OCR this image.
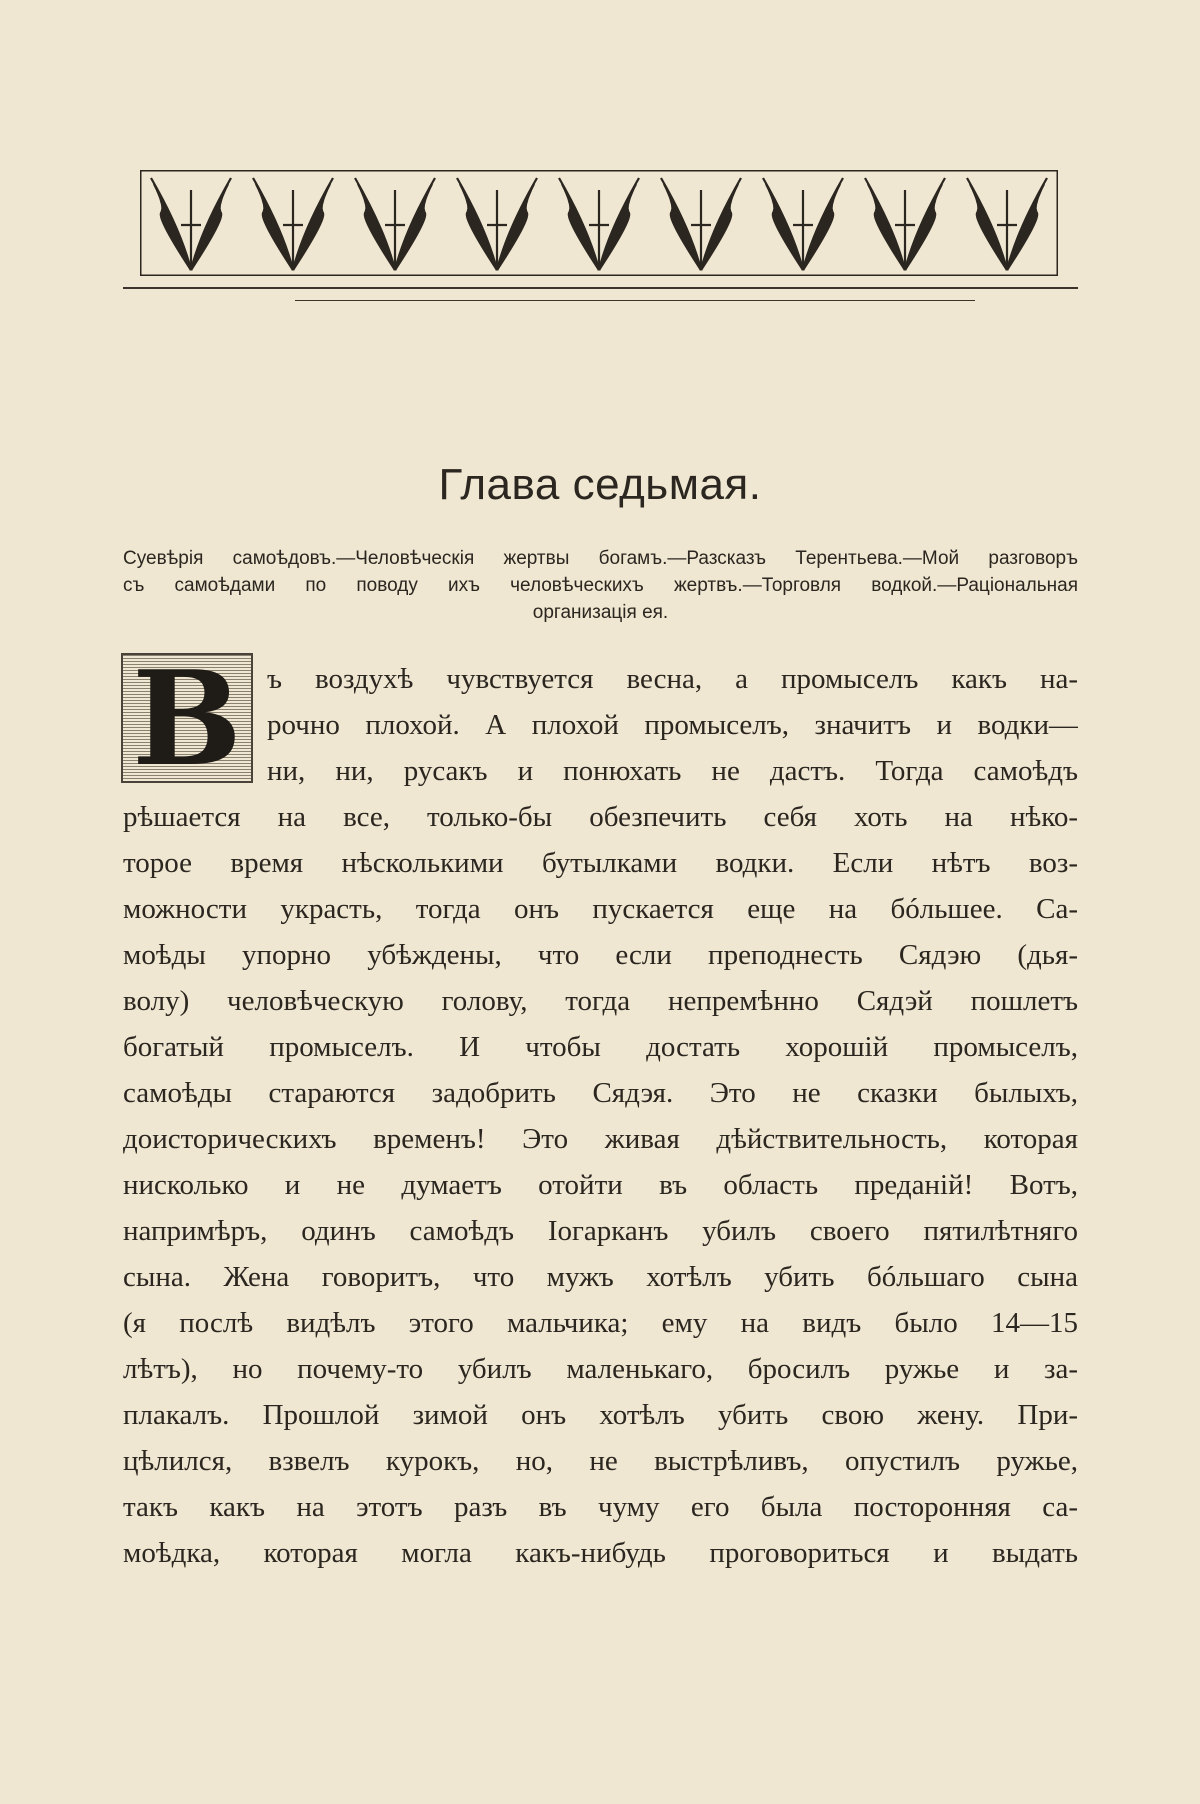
Глава седьмая.
Суевѣрія самоѣдовъ.—Человѣческія жертвы богамъ.—Разсказъ Терентьева.—Мой разговоръ
съ самоѣдами по поводу ихъ человѣческихъ жертвъ.—Торговля водкой.—Раціональная
организація ея.
В ъ воздухѣ чувствуется весна, а промыселъ какъ на-
рочно плохой. А плохой промыселъ, значитъ и водки—
ни, ни, русакъ и понюхать не дастъ. Тогда самоѣдъ
рѣшается на все, только-бы обезпечить себя хоть на нѣко-
торое время нѣсколькими бутылками водки. Если нѣтъ воз-
можности украсть, тогда онъ пускается еще на бóльшее. Са-
моѣды упорно убѣждены, что если преподнесть Сядэю (дья-
волу) человѣческую голову, тогда непремѣнно Сядэй пошлетъ
богатый промыселъ. И чтобы достать хорошій промыселъ,
самоѣды стараются задобрить Сядэя. Это не сказки былыхъ,
доисторическихъ временъ! Это живая дѣйствительность, которая
нисколько и не думаетъ отойти въ область преданій! Вотъ,
напримѣръ, одинъ самоѣдъ Іогарканъ убилъ своего пятилѣтняго
сына. Жена говоритъ, что мужъ хотѣлъ убить бóльшаго сына
(я послѣ видѣлъ этого мальчика; ему на видъ было 14—15
лѣтъ), но почему-то убилъ маленькаго, бросилъ ружье и за-
плакалъ. Прошлой зимой онъ хотѣлъ убить свою жену. При-
цѣлился, взвелъ курокъ, но, не выстрѣливъ, опустилъ ружье,
такъ какъ на этотъ разъ въ чуму его была посторонняя са-
моѣдка, которая могла какъ-нибудь проговориться и выдать
